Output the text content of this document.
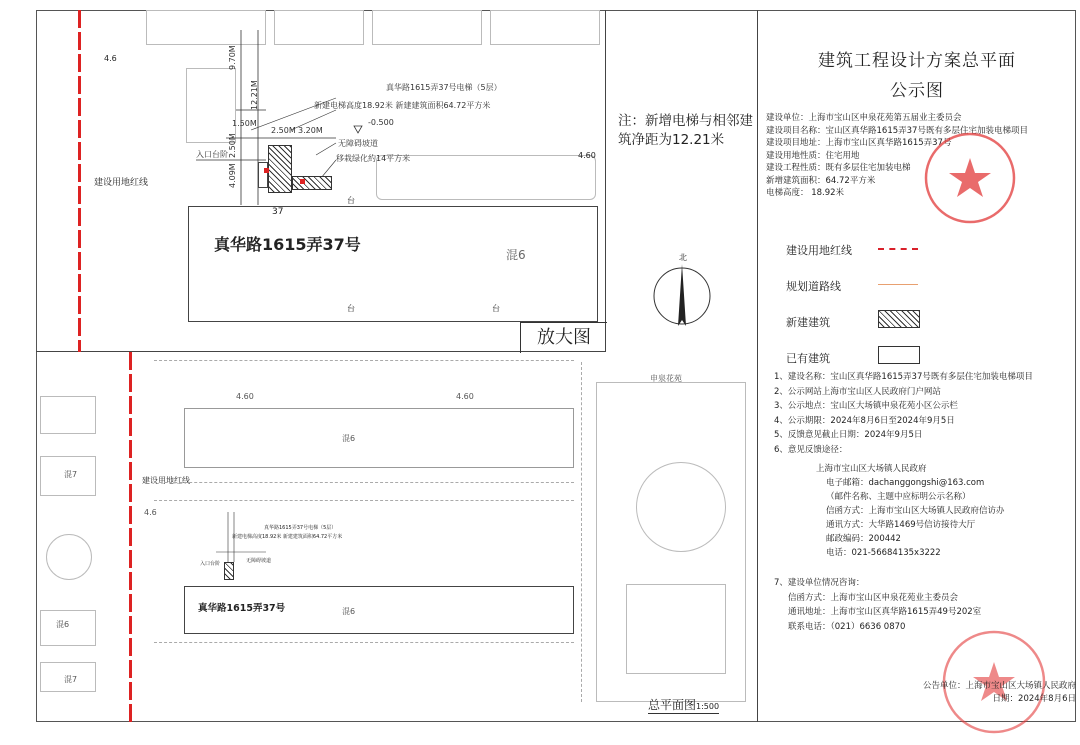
4.6
4.60
建设用地红线
9.70M
12.21M
1.50M
2.50M 3.20M
2.50M
4.09M
-0.500
真华路1615弄37号电梯（5层）
新建电梯高度18.92米 新建建筑面积64.72平方米
无障碍坡道
移栽绿化約14平方米
入口台阶
37
真华路1615弄37号
混6
台
台	台
放大图
注：新增电梯与相邻建筑净距为12.21米
北
混7
混6
混7
建设用地红线
4.6
混6
4.60	4.60
真华路1615弄37号	混6
真华路1615弄37号电梯（5层）
新建电梯高度18.92米 新建建筑面积64.72平方米
无障碍坡道
入口台阶
申泉花苑
总平面图1:500
建筑工程设计方案总平面
公示图
建设单位：上海市宝山区申泉花苑第五届业主委员会
建设项目名称：宝山区真华路1615弄37号既有多层住宅加装电梯项目
建设项目地址：上海市宝山区真华路1615弄37号
建设用地性质：住宅用地
建设工程性质：既有多层住宅加装电梯
新增建筑面积：64.72平方米
电梯高度： 18.92米
建设用地红线
规划道路线
新建建筑
已有建筑
1、建设名称：宝山区真华路1615弄37号既有多层住宅加装电梯项目
2、公示网站上海市宝山区人民政府门户网站
3、公示地点：宝山区大场镇申泉花苑小区公示栏
4、公示期限：2024年8月6日至2024年9月5日
5、反馈意见截止日期：2024年9月5日
6、意见反馈途径：
上海市宝山区大场镇人民政府
电子邮箱：dachanggongshi@163.com
（邮件名称、主题中应标明公示名称）
信函方式：上海市宝山区大场镇人民政府信访办
通讯方式：大华路1469号信访接待大厅
邮政编码：200442
电话：021-56684135x3222
7、建设单位情况咨询：
信函方式：上海市宝山区申泉花苑业主委员会
通讯地址：上海市宝山区真华路1615弄49号202室
联系电话：（021）6636 0870
公告单位：上海市宝山区大场镇人民政府
日期：2024年8月6日
